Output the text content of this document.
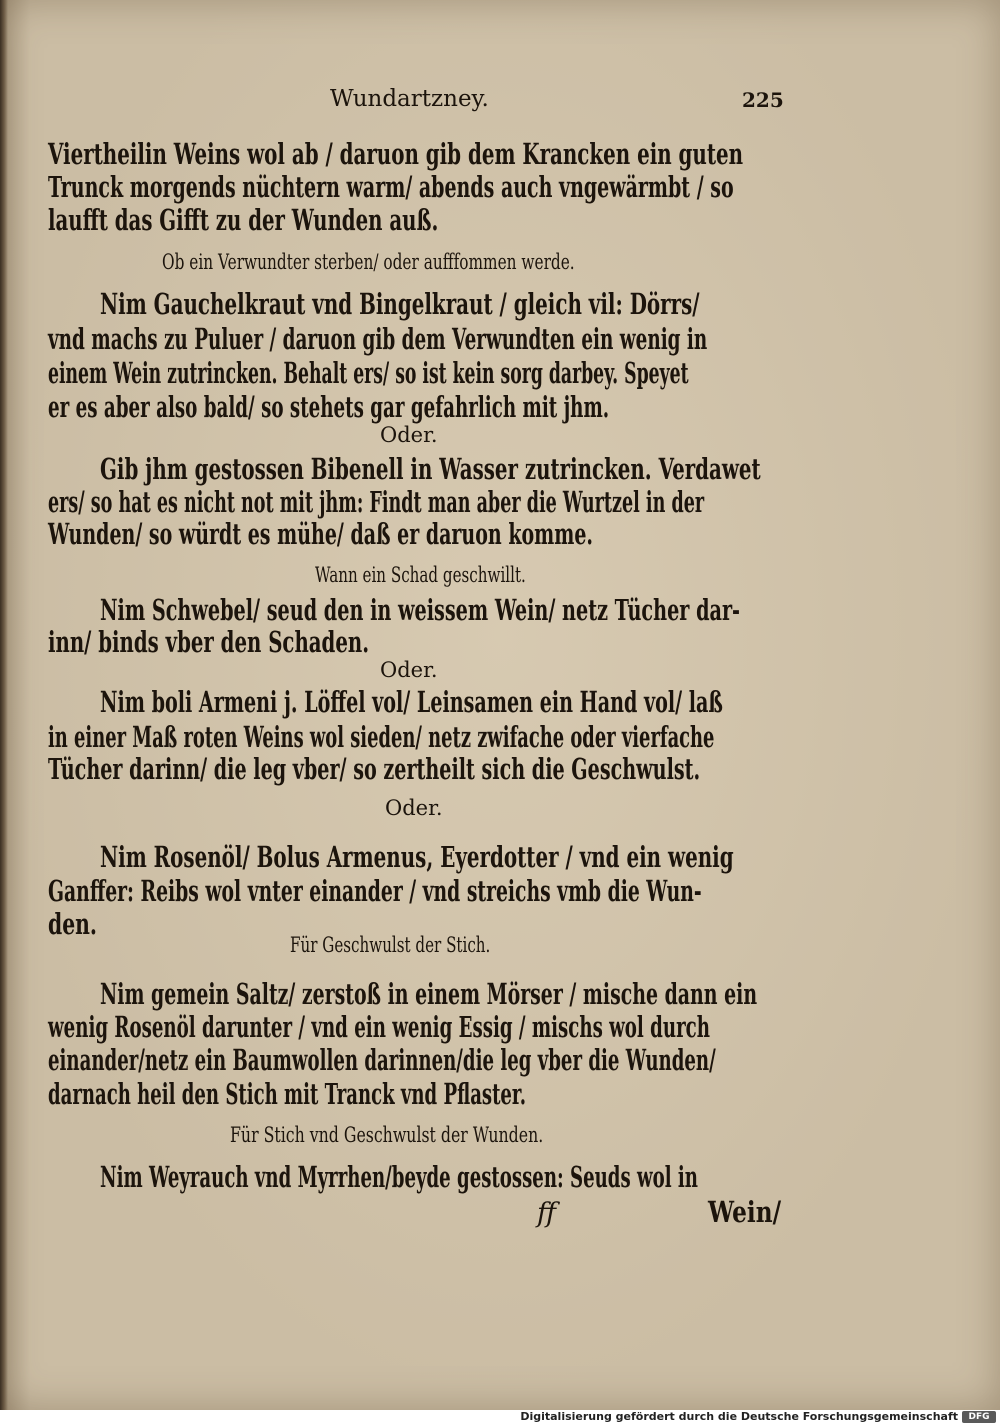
Wundartzney.	225
Viertheilin Weins wol ab / daruon gib dem Krancken ein guten
Trunck morgends nüchtern warm/ abends auch vngewärmbt / so
laufft das Gifft zu der Wunden auß.
Ob ein Verwundter sterben/ oder aufffommen werde.
Nim Gauchelkraut vnd Bingelkraut / gleich vil: Dörrs/
vnd machs zu Puluer / daruon gib dem Verwundten ein wenig in
einem Wein zutrincken. Behalt ers/ so ist kein sorg darbey. Speyet
er es aber also bald/ so stehets gar gefahrlich mit jhm.
Oder.
Gib jhm gestossen Bibenell in Wasser zutrincken. Verdawet
ers/ so hat es nicht not mit jhm: Findt man aber die Wurtzel in der
Wunden/ so würdt es mühe/ daß er daruon komme.
Wann ein Schad geschwillt.
Nim Schwebel/ seud den in weissem Wein/ netz Tücher dar-
inn/ binds vber den Schaden.
Oder.
Nim boli Armeni j. Löffel vol/ Leinsamen ein Hand vol/ laß
in einer Maß roten Weins wol sieden/ netz zwifache oder vierfache
Tücher darinn/ die leg vber/ so zertheilt sich die Geschwulst.
Oder.
Nim Rosenöl/ Bolus Armenus, Eyerdotter / vnd ein wenig
Ganffer: Reibs wol vnter einander / vnd streichs vmb die Wun-
den.
Für Geschwulst der Stich.
Nim gemein Saltz/ zerstoß in einem Mörser / mische dann ein
wenig Rosenöl darunter / vnd ein wenig Essig / mischs wol durch
einander/netz ein Baumwollen darinnen/die leg vber die Wunden/
darnach heil den Stich mit Tranck vnd Pflaster.
Für Stich vnd Geschwulst der Wunden.
Nim Weyrauch vnd Myrrhen/beyde gestossen: Seuds wol in
ff	Wein/
Digitalisierung gefördert durch die Deutsche Forschungsgemeinschaft	DFG
